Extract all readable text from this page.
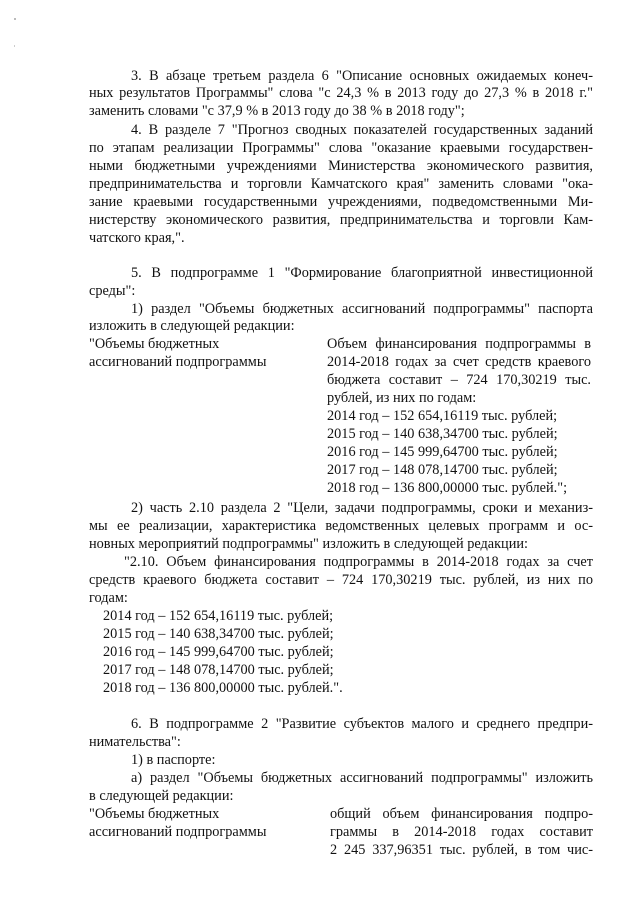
3. В абзаце третьем раздела 6 "Описание основных ожидаемых конеч-
ных результатов Программы" слова "с 24,3 % в 2013 году до 27,3 % в 2018 г."
заменить словами "с 37,9 % в 2013 году до 38 % в 2018 году";
4. В разделе 7 "Прогноз сводных показателей государственных заданий
по этапам реализации Программы" слова "оказание краевыми государствен-
ными бюджетными учреждениями Министерства экономического развития,
предпринимательства и торговли Камчатского края" заменить словами "ока-
зание краевыми государственными учреждениями, подведомственными Ми-
нистерству экономического развития, предпринимательства и торговли Кам-
чатского края,".
5. В подпрограмме 1 "Формирование благоприятной инвестиционной
среды":
1) раздел "Объемы бюджетных ассигнований подпрограммы" паспорта
изложить в следующей редакции:
"Объемы бюджетных
ассигнований подпрограммы
Объем финансирования подпрограммы в
2014-2018 годах за счет средств краевого
бюджета составит – 724 170,30219 тыс.
рублей, из них по годам:
2014 год – 152 654,16119 тыс. рублей;
2015 год – 140 638,34700 тыс. рублей;
2016 год – 145 999,64700 тыс. рублей;
2017 год – 148 078,14700 тыс. рублей;
2018 год – 136 800,00000 тыс. рублей.";
2) часть 2.10 раздела 2 "Цели, задачи подпрограммы, сроки и механиз-
мы ее реализации, характеристика ведомственных целевых программ и ос-
новных мероприятий подпрограммы" изложить в следующей редакции:
"2.10. Объем финансирования подпрограммы в 2014-2018 годах за счет
средств краевого бюджета составит – 724 170,30219 тыс. рублей, из них по
годам:
2014 год – 152 654,16119 тыс. рублей;
2015 год – 140 638,34700 тыс. рублей;
2016 год – 145 999,64700 тыс. рублей;
2017 год – 148 078,14700 тыс. рублей;
2018 год – 136 800,00000 тыс. рублей.".
6. В подпрограмме 2 "Развитие субъектов малого и среднего предпри-
нимательства":
1) в паспорте:
а) раздел "Объемы бюджетных ассигнований подпрограммы" изложить
в следующей редакции:
"Объемы бюджетных
ассигнований подпрограммы
общий объем финансирования подпро-
граммы в 2014-2018 годах составит
2 245 337,96351 тыс. рублей, в том чис-
